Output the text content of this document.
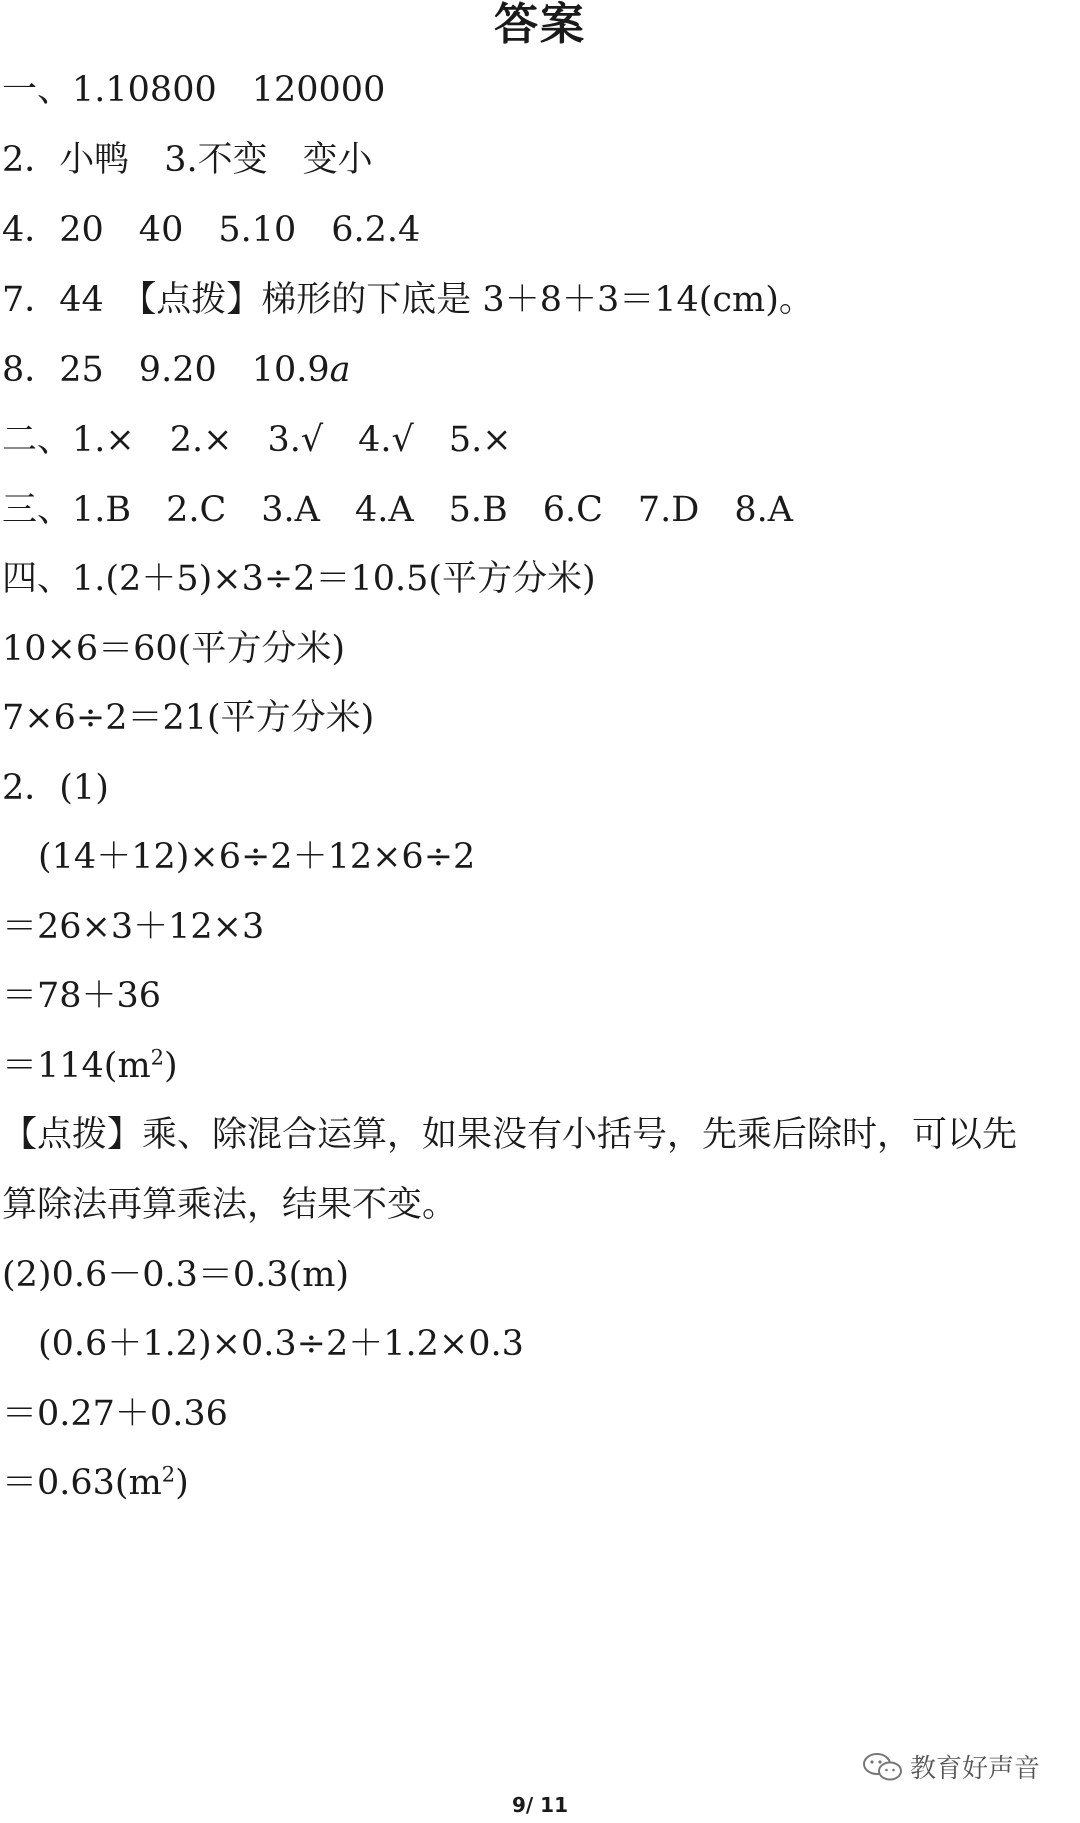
答案
一、1.10800　120000
2．小鸭　3.不变　变小
4．20　40　5.10　6.2.4
7．44　【点拨】梯形的下底是 3＋8＋3＝14(cm)。
8．25　9.20　10.9a
二、1.×　2.×　3.√　4.√　5.×
三、1.B　2.C　3.A　4.A　5.B　6.C　7.D　8.A
四、1.(2＋5)×3÷2＝10.5(平方分米)
10×6＝60(平方分米)
7×6÷2＝21(平方分米)
2．(1)
(14＋12)×6÷2＋12×6÷2
＝26×3＋12×3
＝78＋36
$=114(m^2)$
【点拨】乘、除混合运算，如果没有小括号，先乘后除时，可以先
算除法再算乘法，结果不变。
(2)0.6－0.3＝0.3(m)
(0.6＋1.2)×0.3÷2＋1.2×0.3
＝0.27＋0.36
$=0.63(m^2)$
教育好声音
9/ 11
